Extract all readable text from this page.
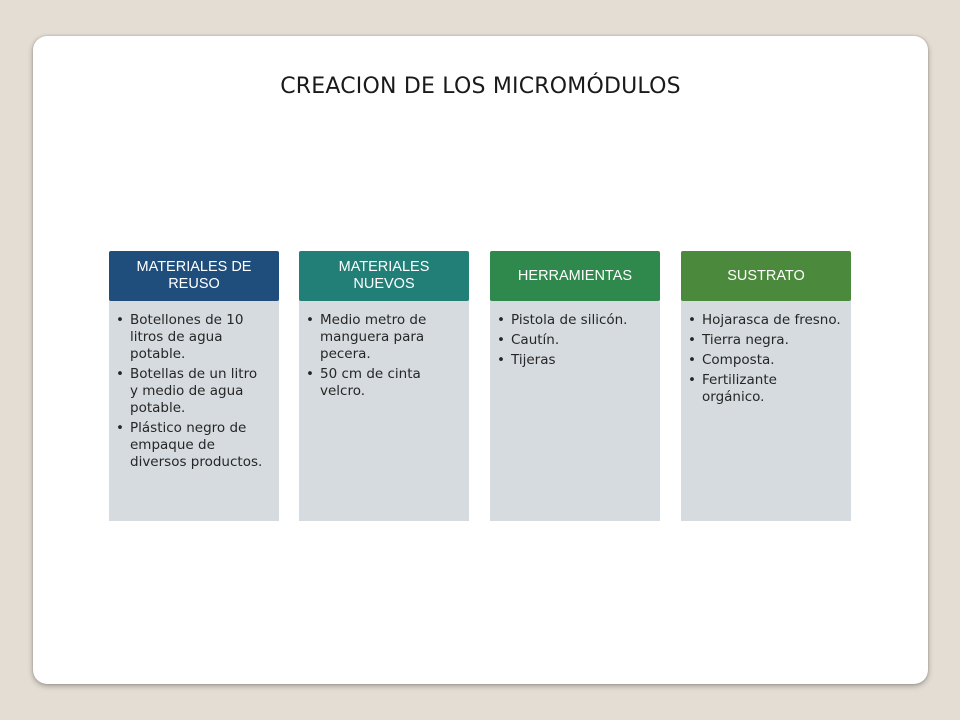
CREACION DE LOS MICROMÓDULOS
• Botellones de 10 litros de agua potable.
• Botellas de un litro y medio de agua potable.
• Plástico negro de empaque de diversos productos.
MATERIALES DE REUSO
• Medio metro de manguera para pecera.
• 50 cm de cinta velcro.
MATERIALES NUEVOS
• Pistola de silicón.
• Cautín.
• Tijeras
HERRAMIENTAS
• Hojarasca de fresno.
• Tierra negra.
• Composta.
• Fertilizante orgánico.
SUSTRATO
